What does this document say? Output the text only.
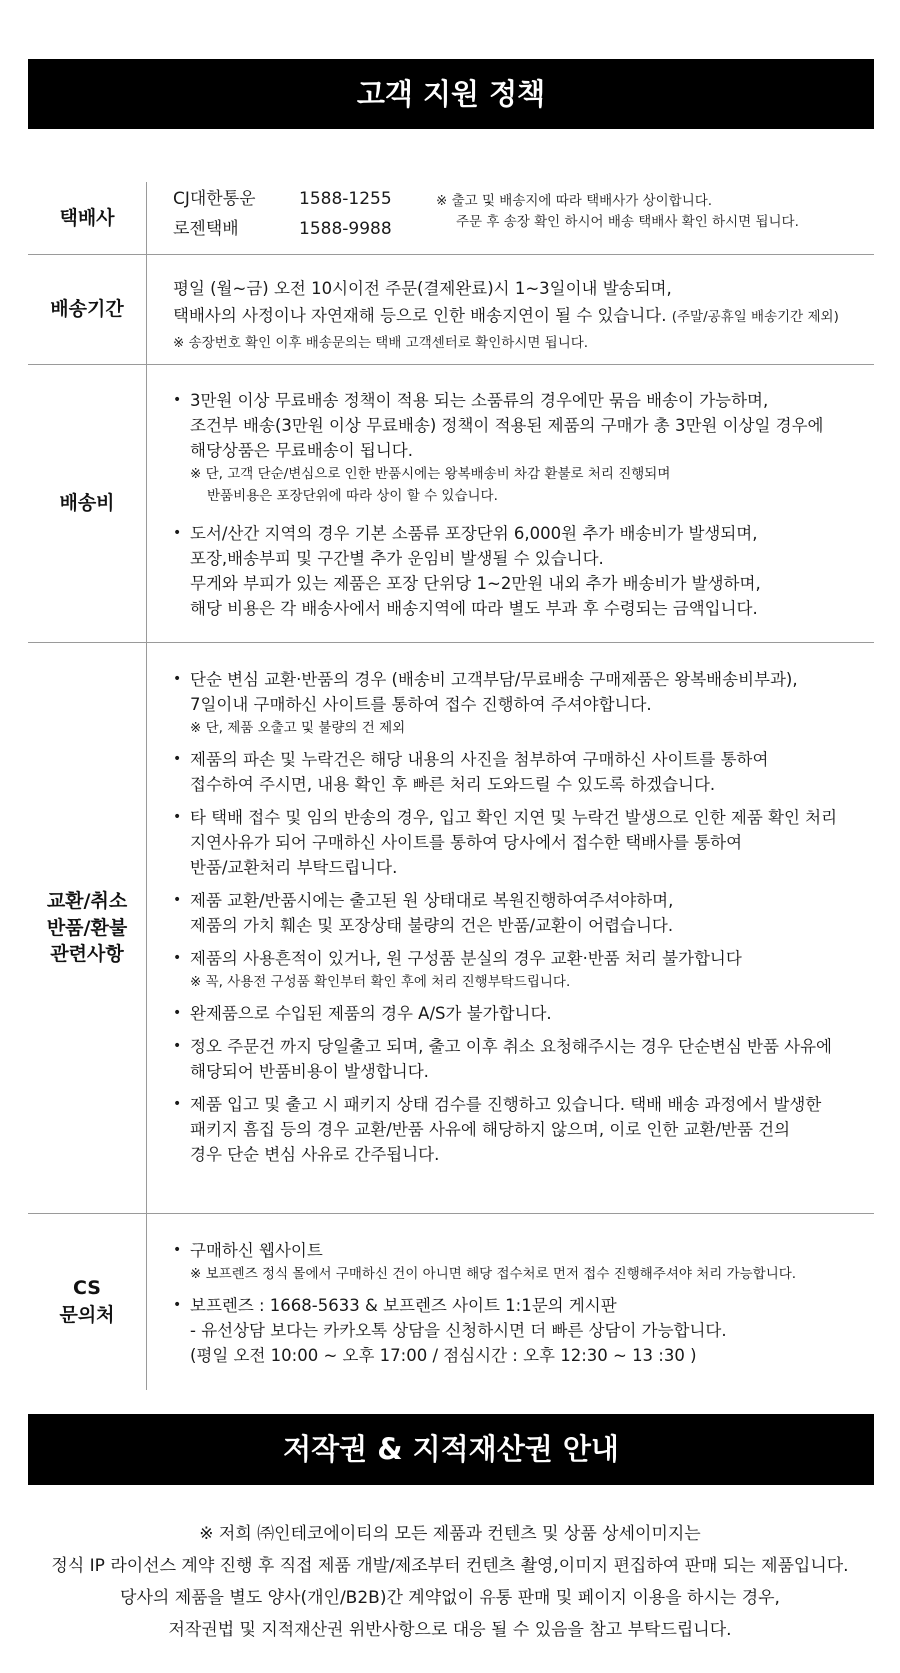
고객 지원 정책
택배사
CJ대한통운	1588-1255
로젠택배	1588-9988
※ 출고 및 배송지에 따라 택배사가 상이합니다.
주문 후 송장 확인 하시어 배송 택배사 확인 하시면 됩니다.
배송기간
평일 (월~금) 오전 10시이전 주문(결제완료)시 1~3일이내 발송되며,
택배사의 사정이나 자연재해 등으로 인한 배송지연이 될 수 있습니다. (주말/공휴일 배송기간 제외)
※ 송장번호 확인 이후 배송문의는 택배 고객센터로 확인하시면 됩니다.
배송비
• 3만원 이상 무료배송 정책이 적용 되는 소품류의 경우에만 묶음 배송이 가능하며,
조건부 배송(3만원 이상 무료배송) 정책이 적용된 제품의 구매가 총 3만원 이상일 경우에
해당상품은 무료배송이 됩니다.
※ 단, 고객 단순/변심으로 인한 반품시에는 왕복배송비 차감 환불로 처리 진행되며
반품비용은 포장단위에 따라 상이 할 수 있습니다.
• 도서/산간 지역의 경우 기본 소품류 포장단위 6,000원 추가 배송비가 발생되며,
포장,배송부피 및 구간별 추가 운임비 발생될 수 있습니다.
무게와 부피가 있는 제품은 포장 단위당 1~2만원 내외 추가 배송비가 발생하며,
해당 비용은 각 배송사에서 배송지역에 따라 별도 부과 후 수령되는 금액입니다.
교환/취소
반품/환불
관련사항
• 단순 변심 교환·반품의 경우 (배송비 고객부담/무료배송 구매제품은 왕복배송비부과),
7일이내 구매하신 사이트를 통하여 접수 진행하여 주셔야합니다.
※ 단, 제품 오출고 및 불량의 건 제외
• 제품의 파손 및 누락건은 해당 내용의 사진을 첨부하여 구매하신 사이트를 통하여
접수하여 주시면, 내용 확인 후 빠른 처리 도와드릴 수 있도록 하겠습니다.
• 타 택배 접수 및 임의 반송의 경우, 입고 확인 지연 및 누락건 발생으로 인한 제품 확인 처리
지연사유가 되어 구매하신 사이트를 통하여 당사에서 접수한 택배사를 통하여
반품/교환처리 부탁드립니다.
• 제품 교환/반품시에는 출고된 원 상태대로 복원진행하여주셔야하며,
제품의 가치 훼손 및 포장상태 불량의 건은 반품/교환이 어렵습니다.
• 제품의 사용흔적이 있거나, 원 구성품 분실의 경우 교환·반품 처리 불가합니다
※ 꼭, 사용전 구성품 확인부터 확인 후에 처리 진행부탁드립니다.
• 완제품으로 수입된 제품의 경우 A/S가 불가합니다.
• 정오 주문건 까지 당일출고 되며, 출고 이후 취소 요청해주시는 경우 단순변심 반품 사유에
해당되어 반품비용이 발생합니다.
• 제품 입고 및 출고 시 패키지 상태 검수를 진행하고 있습니다. 택배 배송 과정에서 발생한
패키지 흠집 등의 경우 교환/반품 사유에 해당하지 않으며, 이로 인한 교환/반품 건의
경우 단순 변심 사유로 간주됩니다.
CS
문의처
• 구매하신 웹사이트
※ 보프렌즈 정식 몰에서 구매하신 건이 아니면 해당 접수처로 먼저 접수 진행해주셔야 처리 가능합니다.
• 보프렌즈 : 1668-5633 & 보프렌즈 사이트 1:1문의 게시판
- 유선상담 보다는 카카오톡 상담을 신청하시면 더 빠른 상담이 가능합니다.
(평일 오전 10:00 ~ 오후 17:00 / 점심시간 : 오후 12:30 ~ 13 :30 )
저작권 & 지적재산권 안내
※ 저희 ㈜인테코에이티의 모든 제품과 컨텐츠 및 상품 상세이미지는
정식 IP 라이선스 계약 진행 후 직접 제품 개발/제조부터 컨텐츠 촬영,이미지 편집하여 판매 되는 제품입니다.
당사의 제품을 별도 양사(개인/B2B)간 계약없이 유통 판매 및 페이지 이용을 하시는 경우,
저작권법 및 지적재산권 위반사항으로 대응 될 수 있음을 참고 부탁드립니다.
